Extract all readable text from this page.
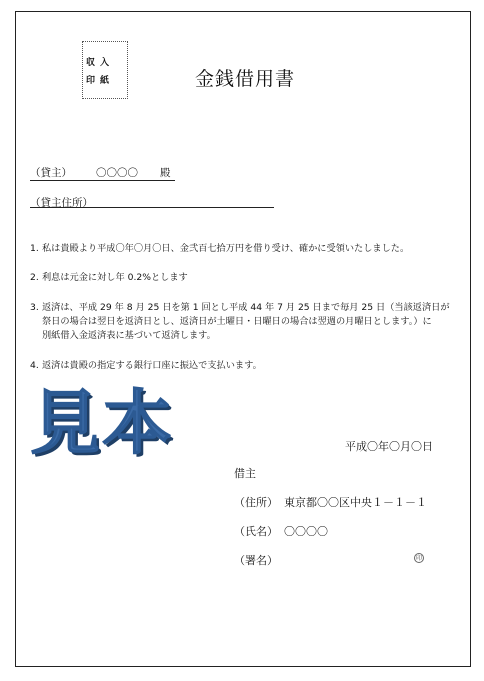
収入
印紙	金銭借用書
（貸主） 〇〇〇〇 殿
（貸主住所）
1. 私は貴殿より平成〇年〇月〇日、金弐百七拾万円を借り受け、確かに受領いたしました。
2. 利息は元金に対し年 0.2%とします
3. 返済は、平成 29 年 8 月 25 日を第 1 回とし平成 44 年 7 月 25 日まで毎月 25 日（当該返済日が
祭日の場合は翌日を返済日とし、返済日が土曜日・日曜日の場合は翌週の月曜日とします。）に
別紙借入金返済表に基づいて返済します。
4. 返済は貴殿の指定する銀行口座に振込で支払います。
見本	平成〇年〇月〇日
借主
（住所） 東京都〇〇区中央１－１－１
（氏名） 〇〇〇〇
（署名）	印
